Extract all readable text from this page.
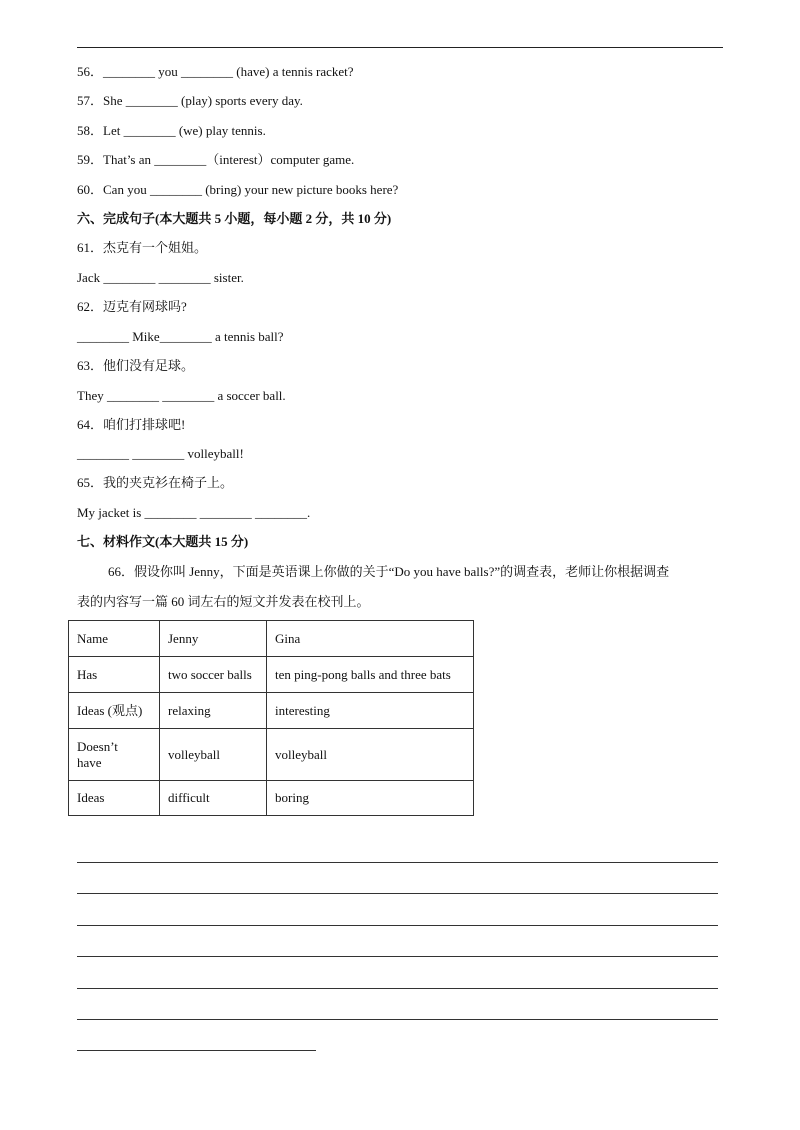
56．________ you ________ (have) a tennis racket?
57．She ________ (play) sports every day.
58．Let ________ (we) play tennis.
59．That’s an ________（interest）computer game.
60．Can you ________ (bring) your new picture books here?
六、完成句子(本大题共 5 小题，每小题 2 分，共 10 分)
61．杰克有一个姐姐。
Jack ________ ________ sister.
62．迈克有网球吗?
________ Mike________ a tennis ball?
63．他们没有足球。
They ________ ________ a soccer ball.
64．咱们打排球吧!
________ ________ volleyball!
65．我的夹克衫在椅子上。
My jacket is ________ ________ ________.
七、材料作文(本大题共 15 分)
66．假设你叫 Jenny，下面是英语课上你做的关于“Do you have balls?”的调查表，老师让你根据调查
表的内容写一篇 60 词左右的短文并发表在校刊上。
Name	Jenny	Gina
Has	two soccer balls	ten ping-pong balls and three bats
Ideas (观点)	relaxing	interesting
Doesn’t
have	volleyball	volleyball
Ideas	difficult	boring
